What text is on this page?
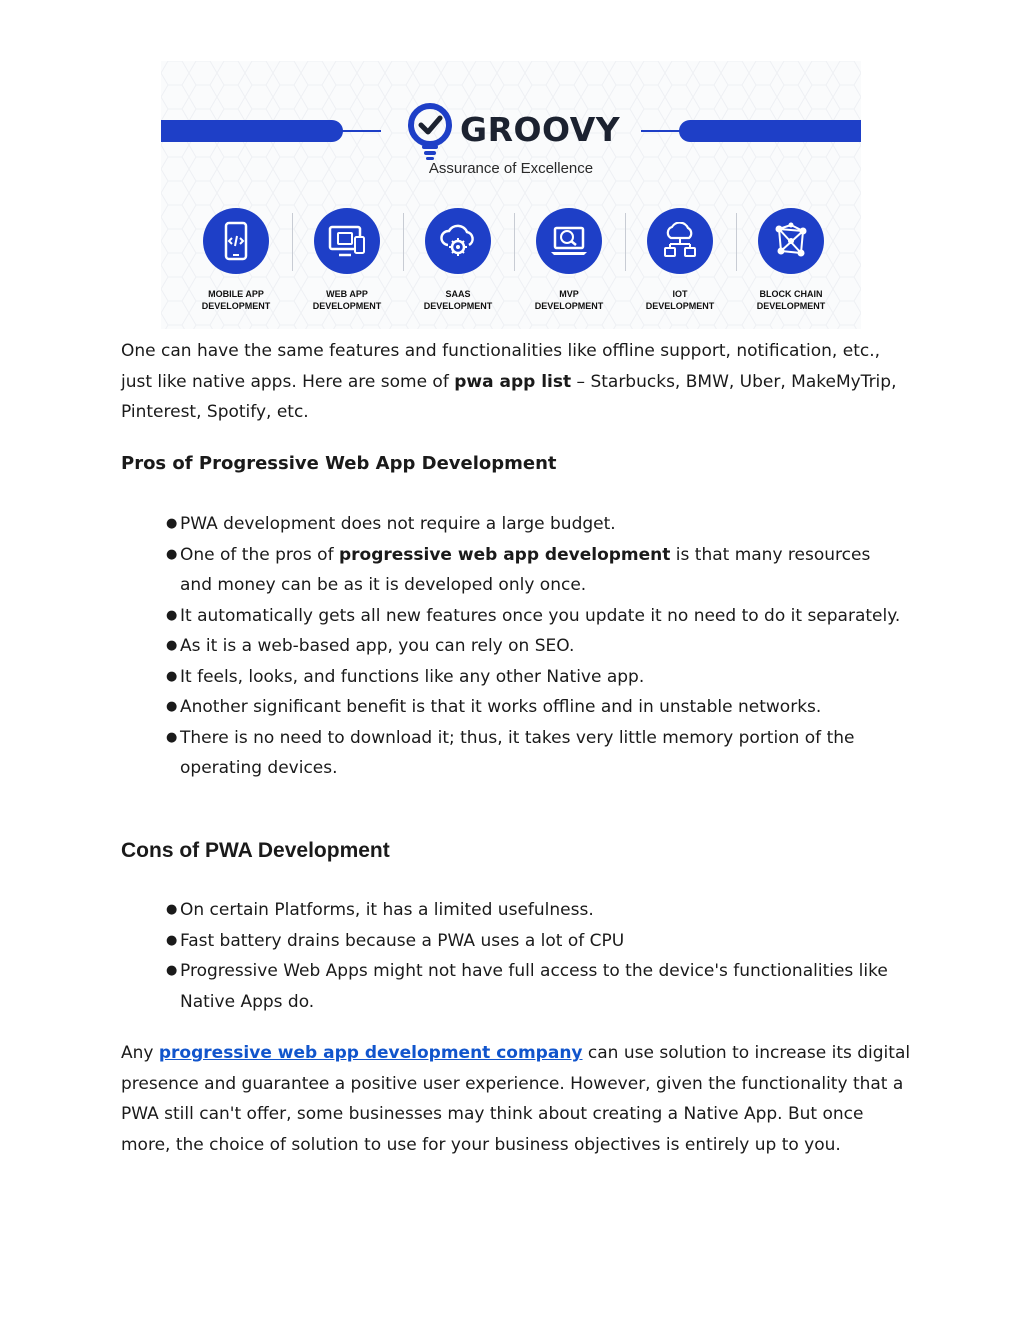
GROOVY
Assurance of Excellence
MOBILE APP
DEVELOPMENT
WEB APP
DEVELOPMENT
SAAS
DEVELOPMENT
MVP
DEVELOPMENT
IOT
DEVELOPMENT
BLOCK CHAIN
DEVELOPMENT

One can have the same features and functionalities like offline support, notification, etc., just like native apps. Here are some of pwa app list – Starbucks, BMW, Uber, MakeMyTrip, Pinterest, Spotify, etc.

Pros of Progressive Web App Development
● PWA development does not require a large budget.
● One of the pros of progressive web app development is that many resources and money can be as it is developed only once.
● It automatically gets all new features once you update it no need to do it separately.
● As it is a web-based app, you can rely on SEO.
● It feels, looks, and functions like any other Native app.
● Another significant benefit is that it works offline and in unstable networks.
● There is no need to download it; thus, it takes very little memory portion of the operating devices.
Cons of PWA Development
● On certain Platforms, it has a limited usefulness.
● Fast battery drains because a PWA uses a lot of CPU
● Progressive Web Apps might not have full access to the device's functionalities like Native Apps do.

Any progressive web app development company can use solution to increase its digital presence and guarantee a positive user experience. However, given the functionality that a PWA still can't offer, some businesses may think about creating a Native App. But once more, the choice of solution to use for your business objectives is entirely up to you.
